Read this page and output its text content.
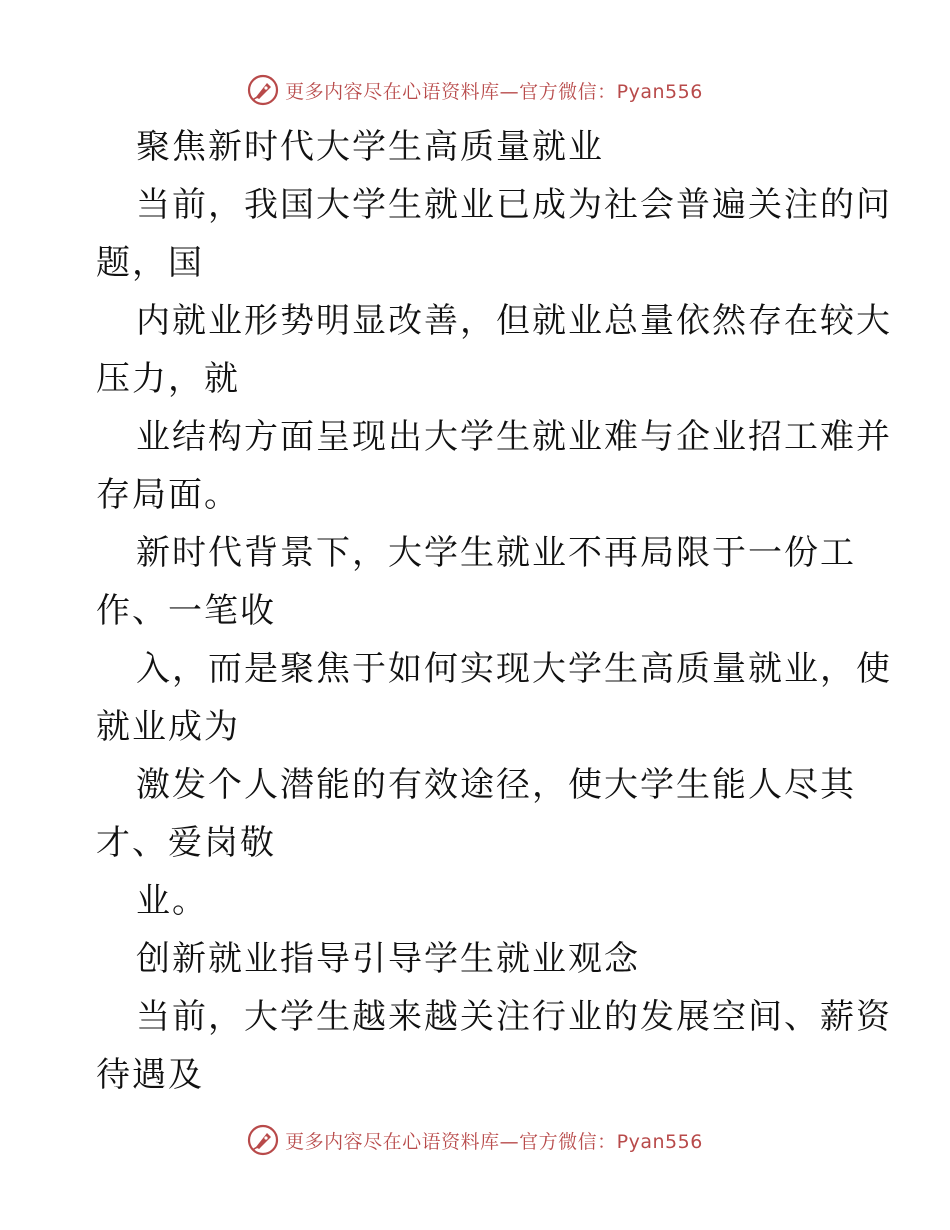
更多内容尽在心语资料库—官方微信：Pyan556
聚焦新时代大学生高质量就业
当前，我国大学生就业已成为社会普遍关注的问
题，国
内就业形势明显改善，但就业总量依然存在较大
压力，就
业结构方面呈现出大学生就业难与企业招工难并
存局面。
新时代背景下，大学生就业不再局限于一份工
作、一笔收
入，而是聚焦于如何实现大学生高质量就业，使
就业成为
激发个人潜能的有效途径，使大学生能人尽其
才、爱岗敬
业。
创新就业指导引导学生就业观念
当前，大学生越来越关注行业的发展空间、薪资
待遇及
更多内容尽在心语资料库—官方微信：Pyan556
